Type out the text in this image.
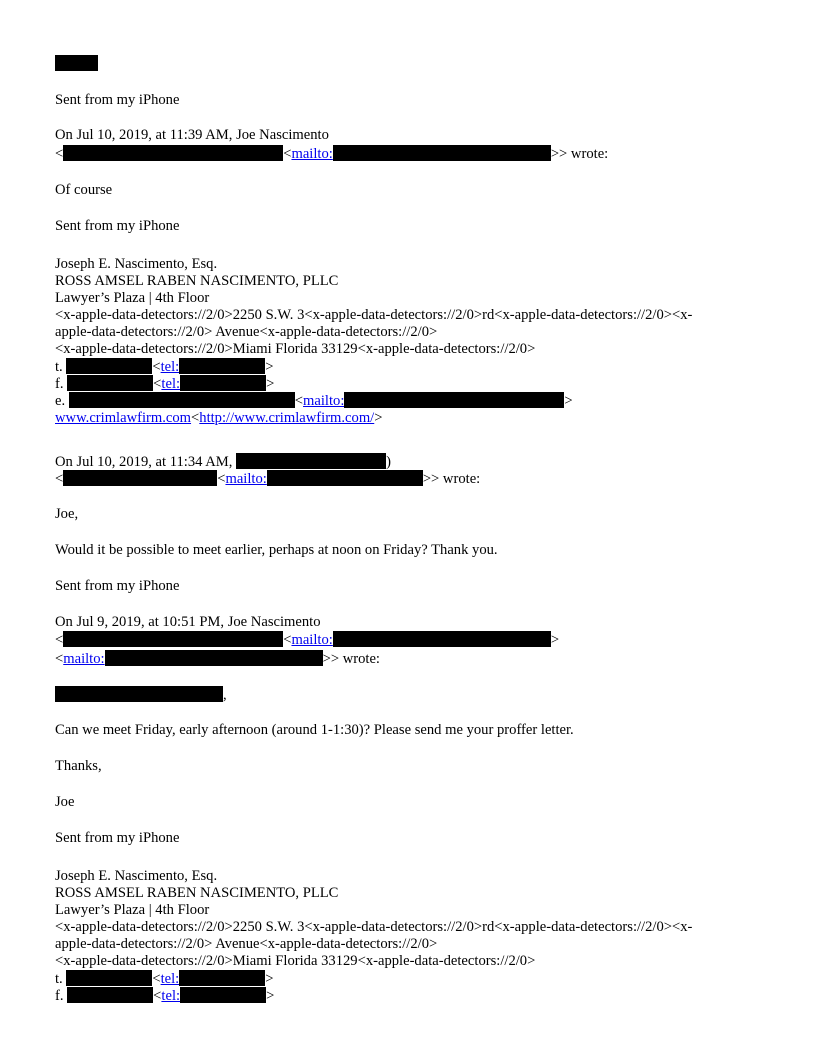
Sent from my iPhone
On Jul 10, 2019, at 11:39 AM, Joe Nascimento
<	<mailto:	>> wrote:
Of course
Sent from my iPhone
Joseph E. Nascimento, Esq.
ROSS AMSEL RABEN NASCIMENTO, PLLC
Lawyer’s Plaza | 4th Floor
<x-apple-data-detectors://2/0>2250 S.W. 3<x-apple-data-detectors://2/0>rd<x-apple-data-detectors://2/0><x-
apple-data-detectors://2/0> Avenue<x-apple-data-detectors://2/0>
<x-apple-data-detectors://2/0>Miami Florida 33129<x-apple-data-detectors://2/0>
t.	<tel:	>
f.	<tel:	>
e.	<mailto:	>
www.crimlawfirm.com<http://www.crimlawfirm.com/>
On Jul 10, 2019, at 11:34 AM,	)
<	<mailto:	>> wrote:
Joe,
Would it be possible to meet earlier, perhaps at noon on Friday? Thank you.
Sent from my iPhone
On Jul 9, 2019, at 10:51 PM, Joe Nascimento
<	<mailto:	>
<mailto:	>> wrote:
,
Can we meet Friday, early afternoon (around 1-1:30)? Please send me your proffer letter.
Thanks,
Joe
Sent from my iPhone
Joseph E. Nascimento, Esq.
ROSS AMSEL RABEN NASCIMENTO, PLLC
Lawyer’s Plaza | 4th Floor
<x-apple-data-detectors://2/0>2250 S.W. 3<x-apple-data-detectors://2/0>rd<x-apple-data-detectors://2/0><x-
apple-data-detectors://2/0> Avenue<x-apple-data-detectors://2/0>
<x-apple-data-detectors://2/0>Miami Florida 33129<x-apple-data-detectors://2/0>
t.	<tel:	>
f.	<tel:	>
